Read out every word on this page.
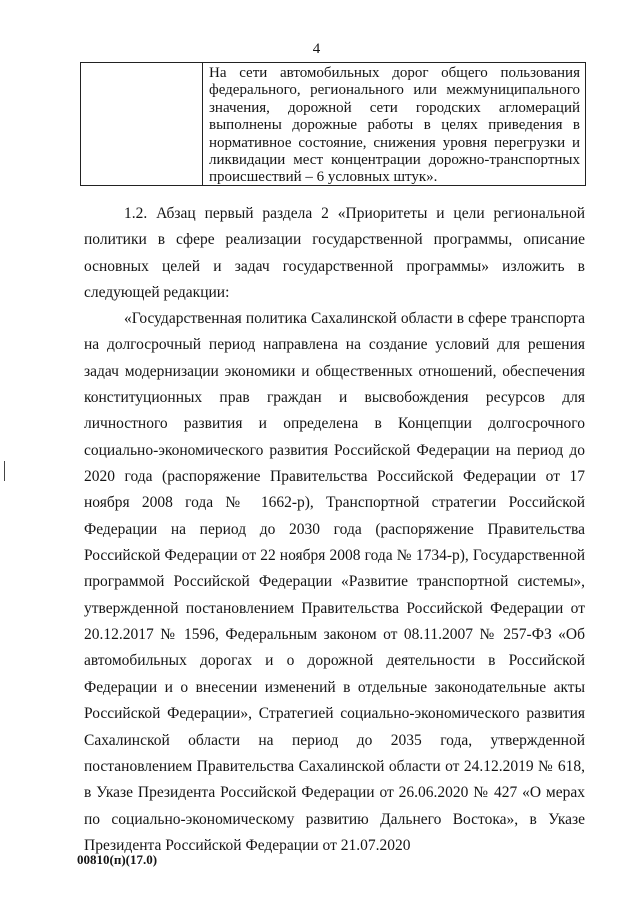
4
На сети автомобильных дорог общего пользования федерального, регионального или межмуниципального значения, дорожной сети городских агломераций выполнены дорожные работы в целях приведения в нормативное состояние, снижения уровня перегрузки и ликвидации мест концентрации дорожно-транспортных происшествий – 6 условных штук».

1.2. Абзац первый раздела 2 «Приоритеты и цели региональной политики в сфере реализации государственной программы, описание основных целей и задач государственной программы» изложить в следующей редакции:

«Государственная политика Сахалинской области в сфере транспорта на долгосрочный период направлена на создание условий для решения задач модернизации экономики и общественных отношений, обеспечения конституционных прав граждан и высвобождения ресурсов для личностного развития и определена в Концепции долгосрочного социально-экономического развития Российской Федерации на период до 2020 года (распоряжение Правительства Российской Федерации от 17 ноября 2008 года № 1662-р), Транспортной стратегии Российской Федерации на период до 2030 года (распоряжение Правительства Российской Федерации от 22 ноября 2008 года № 1734-р), Государственной программой Российской Федерации «Развитие транспортной системы», утвержденной постановлением Правительства Российской Федерации от 20.12.2017 № 1596, Федеральным законом от 08.11.2007 № 257-ФЗ «Об автомобильных дорогах и о дорожной деятельности в Российской Федерации и о внесении изменений в отдельные законодательные акты Российской Федерации», Стратегией социально-экономического развития Сахалинской области на период до 2035 года, утвержденной постановлением Правительства Сахалинской области от 24.12.2019 № 618, в Указе Президента Российской Федерации от 26.06.2020 № 427 «О мерах по социально-экономическому развитию Дальнего Востока», в Указе Президента Российской Федерации от 21.07.2020

00810(п)(17.0)
